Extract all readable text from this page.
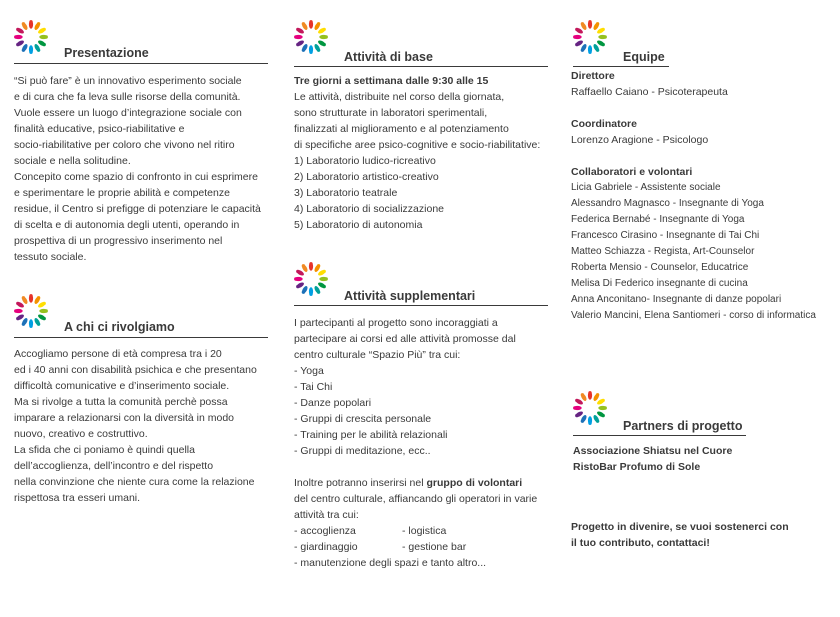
Presentazione
“Si può fare” è un innovativo esperimento sociale
e di cura che fa leva sulle risorse della comunità.
Vuole essere un luogo d’integrazione sociale con
finalità educative, psico-riabilitative e
socio-riabilitative per coloro che vivono nel ritiro
sociale e nella solitudine.
Concepito come spazio di confronto in cui esprimere
e sperimentare le proprie abilità e competenze
residue, il Centro si prefigge di potenziare le capacità
di scelta e di autonomia degli utenti, operando in
prospettiva di un progressivo inserimento nel
tessuto sociale.
A chi ci rivolgiamo
Accogliamo persone di età compresa tra i 20
ed i 40 anni con disabilità psichica e che presentano
difficoltà comunicative e d’inserimento sociale.
Ma si rivolge a tutta la comunità perchè possa
imparare a relazionarsi con la diversità in modo
nuovo, creativo e costruttivo.
La sfida che ci poniamo è quindi quella
dell’accoglienza, dell’incontro e del rispetto
nella convinzione che niente cura come la relazione
rispettosa tra esseri umani.
Attività di base
Tre giorni a settimana dalle 9:30 alle 15
Le attività, distribuite nel corso della giornata,
sono strutturate in laboratori sperimentali,
finalizzati al miglioramento e al potenziamento
di specifiche aree psico-cognitive e socio-riabilitative:
1) Laboratorio ludico-ricreativo
2) Laboratorio artistico-creativo
3) Laboratorio teatrale
4) Laboratorio di socializzazione
5) Laboratorio di autonomia
Attività supplementari
I partecipanti al progetto sono incoraggiati a
partecipare ai corsi ed alle attività promosse dal
centro culturale “Spazio Più” tra cui:
- Yoga
- Tai Chi
- Danze popolari
- Gruppi di crescita personale
- Training per le abilità relazionali
- Gruppi di meditazione, ecc..
Inoltre potranno inserirsi nel gruppo di volontari
del centro culturale, affiancando gli operatori in varie
attività tra cui:
- accoglienza	- logistica
- giardinaggio	- gestione bar
- manutenzione degli spazi e tanto altro...
Equipe
Direttore
Raffaello Caiano - Psicoterapeuta
Coordinatore
Lorenzo Aragione - Psicologo
Collaboratori e volontari
Licia Gabriele - Assistente sociale
Alessandro Magnasco - Insegnante di Yoga
Federica Bernabé - Insegnante di Yoga
Francesco Cirasino - Insegnante di Tai Chi
Matteo Schiazza - Regista, Art-Counselor
Roberta Mensio - Counselor, Educatrice
Melisa Di Federico insegnante di cucina
Anna Anconitano- Insegnante di danze popolari
Valerio Mancini, Elena Santiomeri - corso di informatica
Partners di progetto
Associazione Shiatsu nel Cuore
RistoBar Profumo di Sole
Progetto in divenire, se vuoi sostenerci con
il tuo contributo, contattaci!
